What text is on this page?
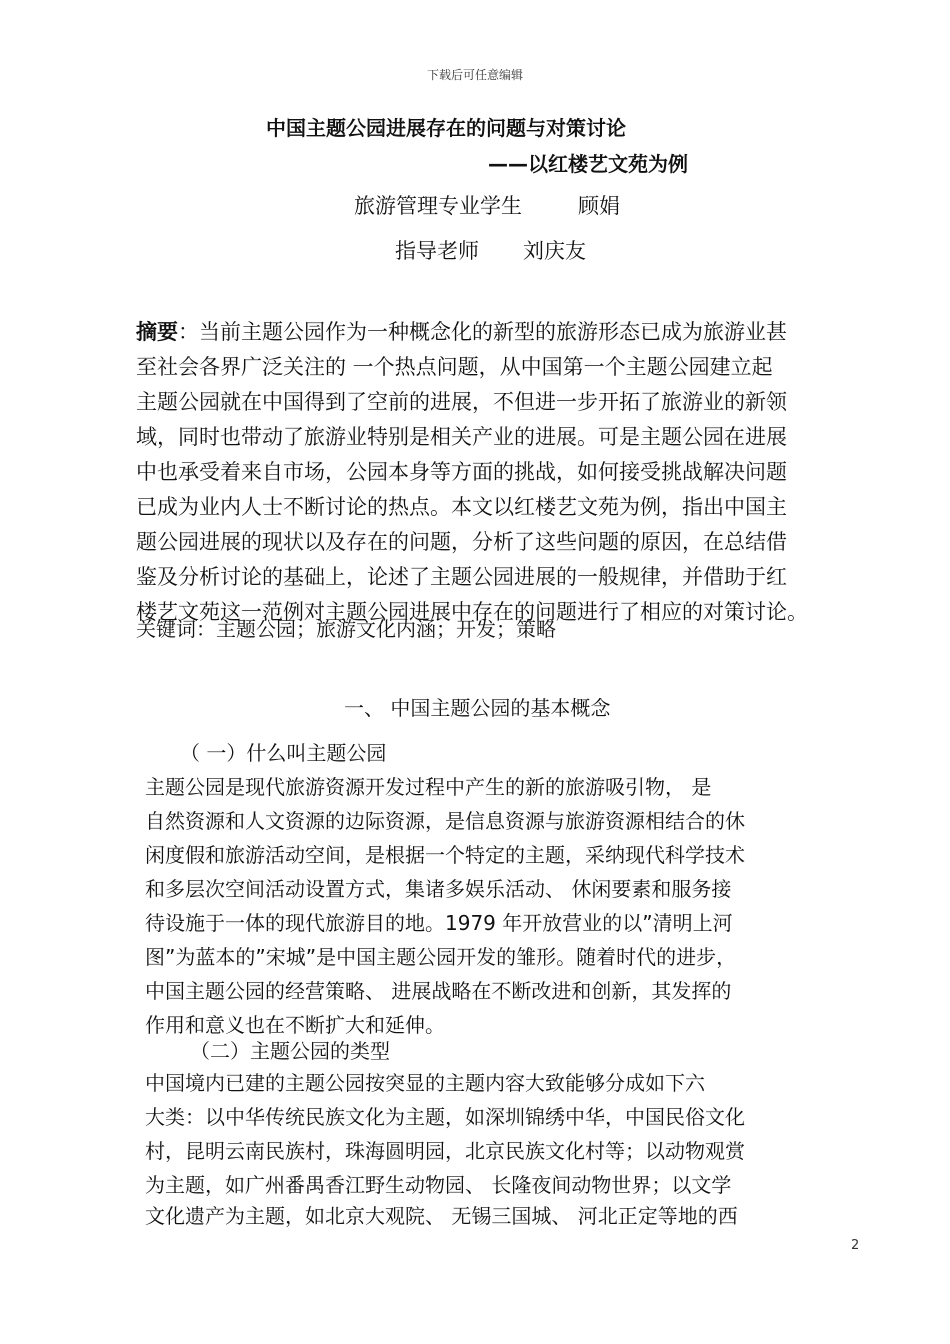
下载后可任意编辑
中国主题公园进展存在的问题与对策讨论
——以红楼艺文苑为例
旅游管理专业学生	顾娟
指导老师 刘庆友
摘要：当前主题公园作为一种概念化的新型的旅游形态已成为旅游业甚
至社会各界广泛关注的 一个热点问题，从中国第一个主题公园建立起
主题公园就在中国得到了空前的进展，不但进一步开拓了旅游业的新领
域，同时也带动了旅游业特别是相关产业的进展。可是主题公园在进展
中也承受着来自市场，公园本身等方面的挑战，如何接受挑战解决问题
已成为业内人士不断讨论的热点。本文以红楼艺文苑为例，指出中国主
题公园进展的现状以及存在的问题，分析了这些问题的原因，在总结借
鉴及分析讨论的基础上，论述了主题公园进展的一般规律，并借助于红
楼艺文苑这一范例对主题公园进展中存在的问题进行了相应的对策讨论。
关键词：主题公园；旅游文化内涵；开发；策略
一、 中国主题公园的基本概念
（ 一）什么叫主题公园
主题公园是现代旅游资源开发过程中产生的新的旅游吸引物， 是
自然资源和人文资源的边际资源，是信息资源与旅游资源相结合的休
闲度假和旅游活动空间，是根据一个特定的主题，采纳现代科学技术
和多层次空间活动设置方式，集诸多娱乐活动、 休闲要素和服务接
待设施于一体的现代旅游目的地。1979 年开放营业的以”清明上河
图”为蓝本的”宋城”是中国主题公园开发的雏形。随着时代的进步，
中国主题公园的经营策略、 进展战略在不断改进和创新，其发挥的
作用和意义也在不断扩大和延伸。
（二）主题公园的类型
中国境内已建的主题公园按突显的主题内容大致能够分成如下六
大类：以中华传统民族文化为主题，如深圳锦绣中华，中国民俗文化
村，昆明云南民族村，珠海圆明园，北京民族文化村等；以动物观赏
为主题，如广州番禺香江野生动物园、 长隆夜间动物世界；以文学
文化遗产为主题，如北京大观院、 无锡三国城、 河北正定等地的西
2
